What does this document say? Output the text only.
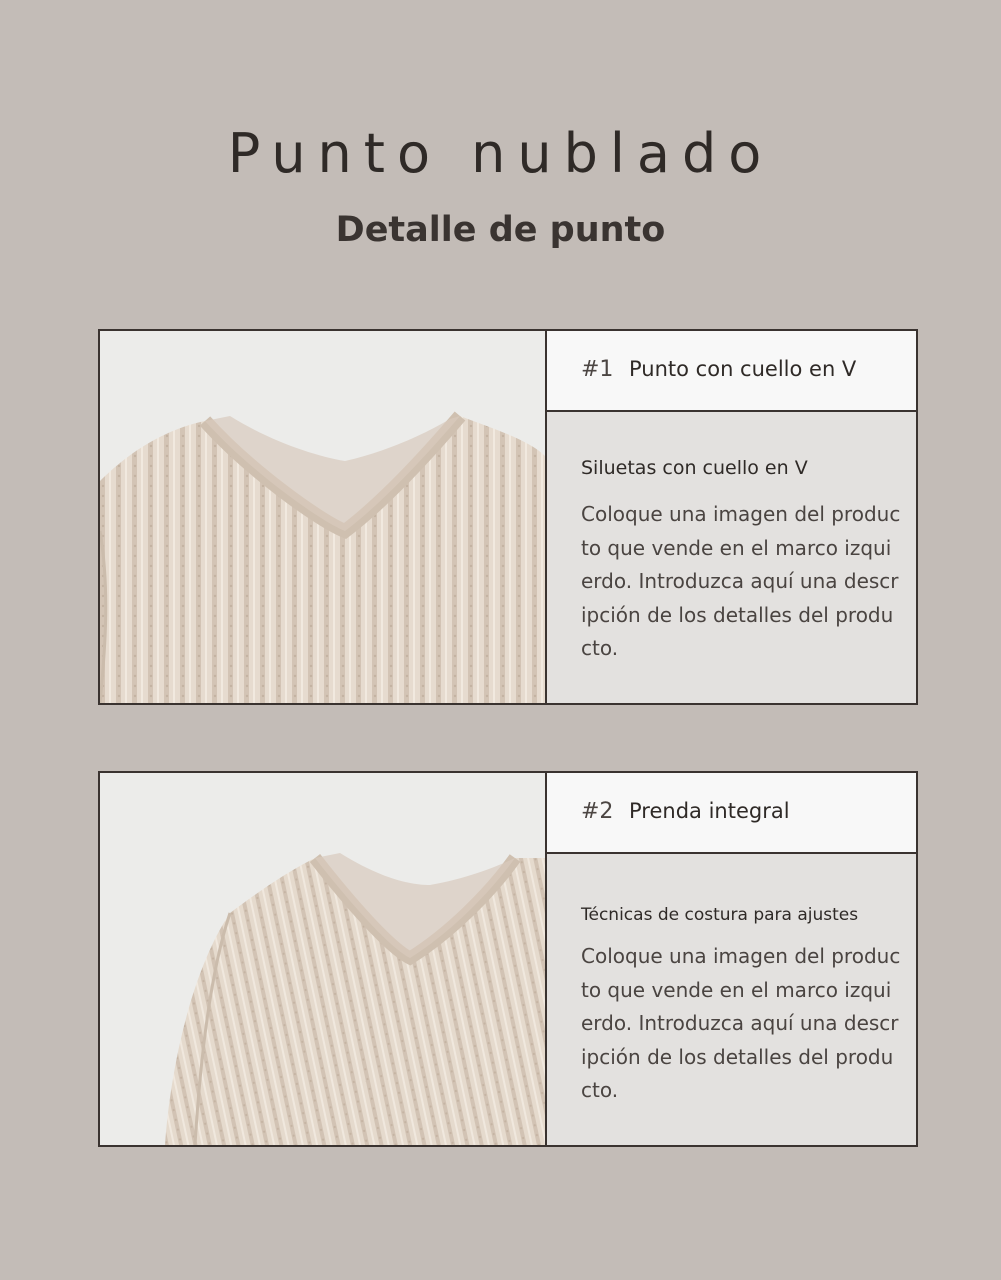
Punto nublado
Detalle de punto
#1 Punto con cuello en V
Siluetas con cuello en V

Coloque una imagen del producto que vende en el marco izquierdo. Introduzca aquí una descripción de los detalles del producto.

#2 Prenda integral
Técnicas de costura para ajustes

Coloque una imagen del producto que vende en el marco izquierdo. Introduzca aquí una descripción de los detalles del producto.
